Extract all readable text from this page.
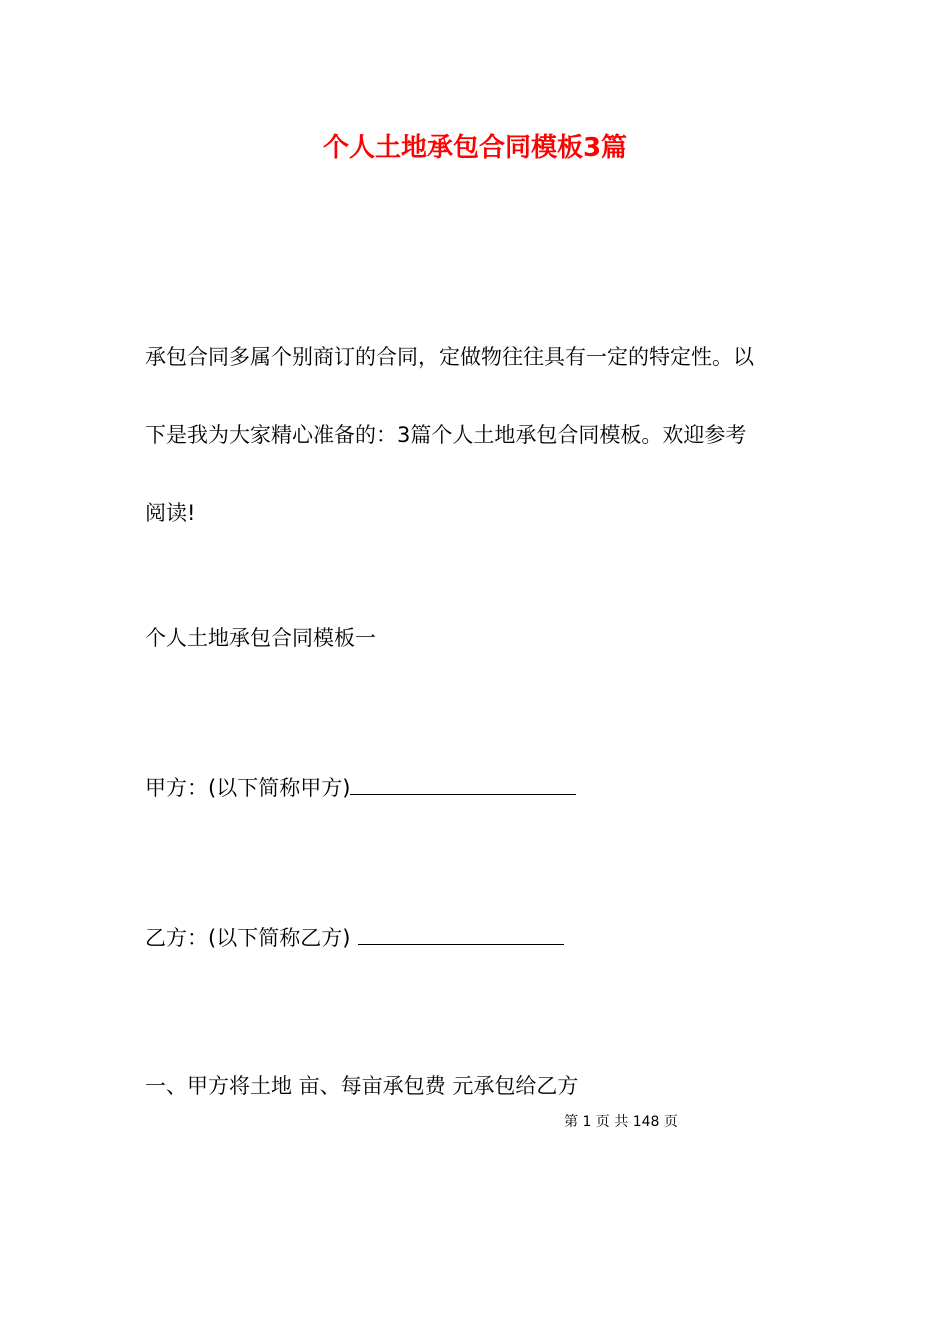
个人土地承包合同模板3篇

承包合同多属个别商订的合同，定做物往往具有一定的特定性。以

下是我为大家精心准备的：3篇个人土地承包合同模板。欢迎参考

阅读!

个人土地承包合同模板一
甲方：(以下简称甲方)
乙方：(以下简称乙方)
一、甲方将土地 亩、每亩承包费 元承包给乙方
第 1 页 共 148 页
